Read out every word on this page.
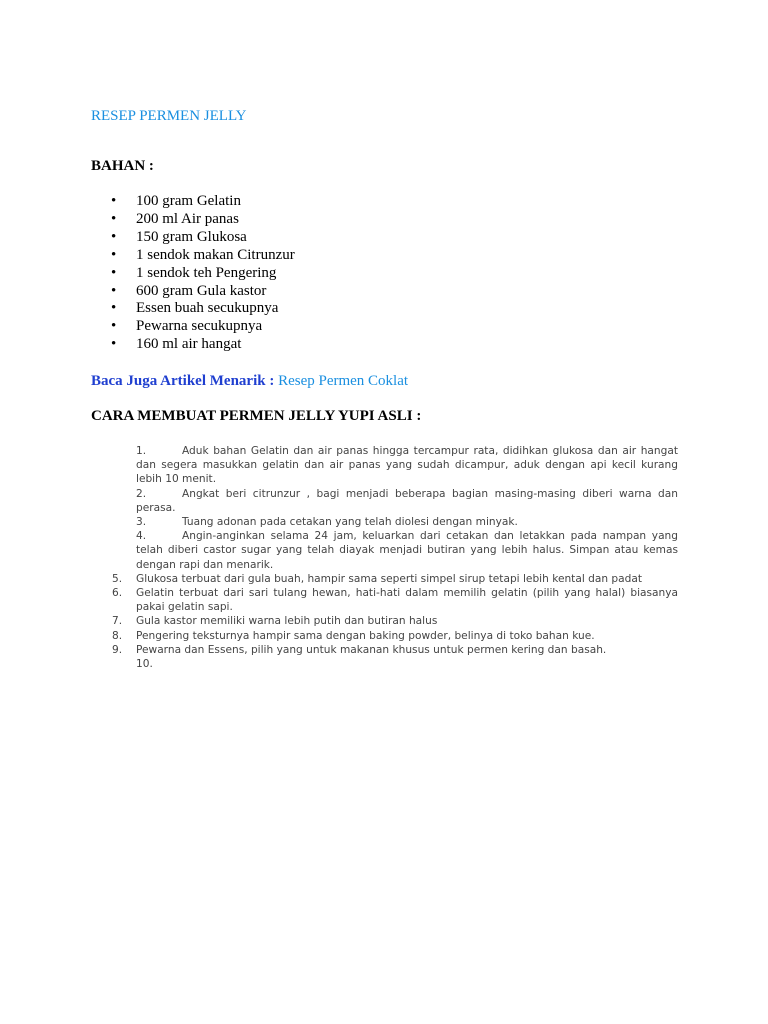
RESEP PERMEN JELLY
BAHAN :
• 100 gram Gelatin
• 200 ml Air panas
• 150 gram Glukosa
• 1 sendok makan Citrunzur
• 1 sendok teh Pengering
• 600 gram Gula kastor
• Essen buah secukupnya
• Pewarna secukupnya
• 160 ml air hangat
Baca Juga Artikel Menarik : Resep Permen Coklat
CARA MEMBUAT PERMEN JELLY YUPI ASLI :
1.	Aduk bahan Gelatin dan air panas hingga tercampur rata, didihkan glukosa dan air hangat dan segera masukkan gelatin dan air panas yang sudah dicampur, aduk dengan api kecil kurang lebih 10 menit.
2.	Angkat beri citrunzur , bagi menjadi beberapa bagian masing-masing diberi warna dan perasa.
3.	Tuang adonan pada cetakan yang telah diolesi dengan minyak.
4.	Angin-anginkan selama 24 jam, keluarkan dari cetakan dan letakkan pada nampan yang telah diberi castor sugar yang telah diayak menjadi butiran yang lebih halus. Simpan atau kemas dengan rapi dan menarik.
5. Glukosa terbuat dari gula buah, hampir sama seperti simpel sirup tetapi lebih kental dan padat
6. Gelatin terbuat dari sari tulang hewan, hati-hati dalam memilih gelatin (pilih yang halal) biasanya pakai gelatin sapi.
7. Gula kastor memiliki warna lebih putih dan butiran halus
8. Pengering teksturnya hampir sama dengan baking powder, belinya di toko bahan kue.
9. Pewarna dan Essens, pilih yang untuk makanan khusus untuk permen kering dan basah.
10.
